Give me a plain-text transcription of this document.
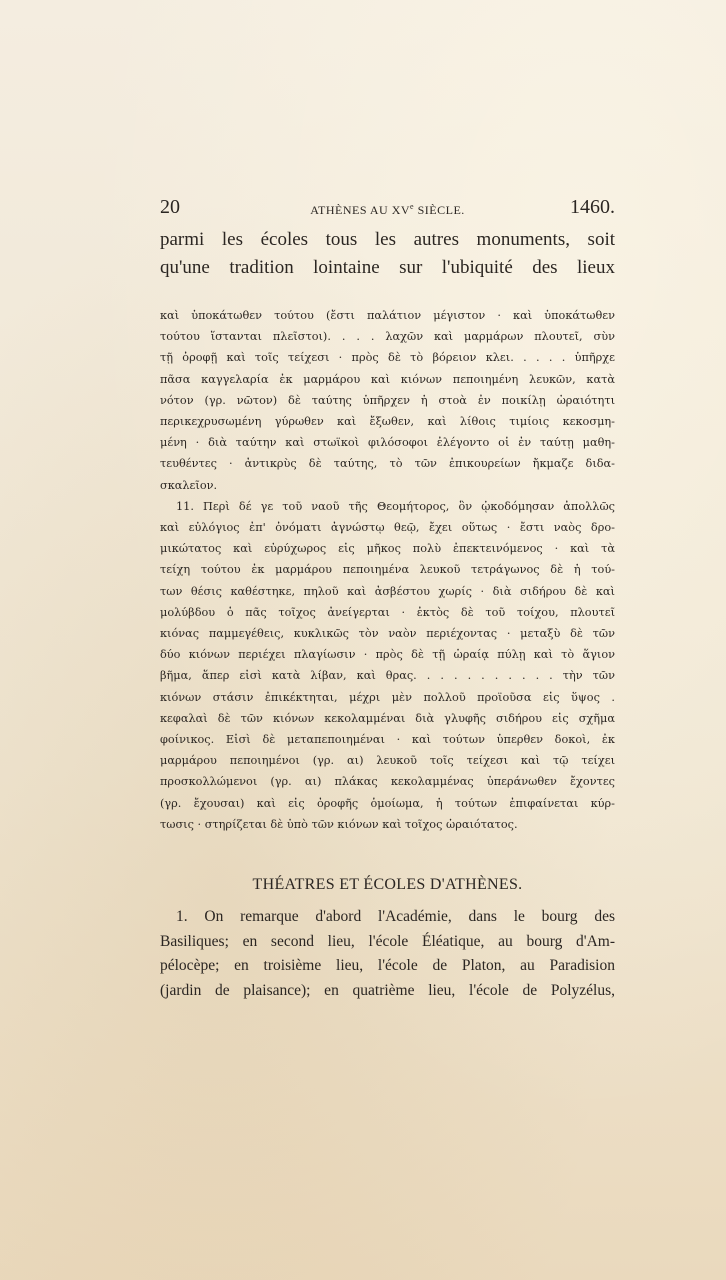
20	ATHÈNES AU XVe SIÈCLE.	1460.
parmi les écoles tous les autres monuments, soit
qu'une tradition lointaine sur l'ubiquité des lieux
καὶ ὑποκάτωθεν τούτου (ἔστι παλάτιον μέγιστον · καὶ ὑποκάτωθεν
τούτου ἵστανται πλεῖστοι). . . . λαχῶν καὶ μαρμάρων πλουτεῖ, σὺν
τῇ ὀροφῇ καὶ τοῖς τείχεσι · πρὸς δὲ τὸ βόρειον κλει. . . . . ὑπῆρχε
πᾶσα καγγελαρία ἐκ μαρμάρου καὶ κιόνων πεποιημένη λευκῶν, κατὰ
νότον (γρ. νῶτον) δὲ ταύτης ὑπῆρχεν ἡ στοὰ ἐν ποικίλῃ ὡραιότητι
περικεχρυσωμένη γύρωθεν καὶ ἔξωθεν, καὶ λίθοις τιμίοις κεκοσμη-
μένη · διὰ ταύτην καὶ στωϊκοὶ φιλόσοφοι ἐλέγοντο οἱ ἐν ταύτῃ μαθη-
τευθέντες · ἀντικρὺς δὲ ταύτης, τὸ τῶν ἐπικουρείων ἤκμαζε διδα-
σκαλεῖον.
11. Περὶ δέ γε τοῦ ναοῦ τῆς Θεομήτορος, ὃν ᾠκοδόμησαν ἀπολλῶς
καὶ εὐλόγιος ἐπ' ὀνόματι ἀγνώστῳ θεῷ, ἔχει οὕτως · ἔστι ναὸς δρο-
μικώτατος καὶ εὐρύχωρος εἰς μῆκος πολὺ ἐπεκτεινόμενος · καὶ τὰ
τείχη τούτου ἐκ μαρμάρου πεποιημένα λευκοῦ τετράγωνος δὲ ἡ τού-
των θέσις καθέστηκε, πηλοῦ καὶ ἀσβέστου χωρίς · διὰ σιδήρου δὲ καὶ
μολύβδου ὁ πᾶς τοῖχος ἀνείγερται · ἐκτὸς δὲ τοῦ τοίχου, πλουτεῖ
κιόνας παμμεγέθεις, κυκλικῶς τὸν ναὸν περιέχοντας · μεταξὺ δὲ τῶν
δύο κιόνων περιέχει πλαγίωσιν · πρὸς δὲ τῇ ὡραίᾳ πύλῃ καὶ τὸ ἅγιον
βῆμα, ἅπερ εἰσὶ κατὰ λίβαν, καὶ θρας. . . . . . . . . . . τὴν τῶν
κιόνων στάσιν ἐπικέκτηται, μέχρι μὲν πολλοῦ προϊοῦσα εἰς ὕψος .
κεφαλαὶ δὲ τῶν κιόνων κεκολαμμέναι διὰ γλυφῆς σιδήρου εἰς σχῆμα
φοίνικος. Εἰσὶ δὲ μεταπεποιημέναι · καὶ τούτων ὑπερθεν δοκοὶ, ἐκ
μαρμάρου πεποιημένοι (γρ. αι) λευκοῦ τοῖς τείχεσι καὶ τῷ τείχει
προσκολλώμενοι (γρ. αι) πλάκας κεκολαμμένας ὑπεράνωθεν ἔχοντες
(γρ. ἔχουσαι) καὶ εἰς ὀροφῆς ὁμοίωμα, ἡ τούτων ἐπιφαίνεται κύρ-
τωσις · στηρίζεται δὲ ὑπὸ τῶν κιόνων καὶ τοῖχος ὡραιότατος.
THÉATRES ET ÉCOLES D'ATHÈNES.
1. On remarque d'abord l'Académie, dans le bourg des
Basiliques; en second lieu, l'école Éléatique, au bourg d'Am-
pélocèpe; en troisième lieu, l'école de Platon, au Paradision
(jardin de plaisance); en quatrième lieu, l'école de Polyzélus,
